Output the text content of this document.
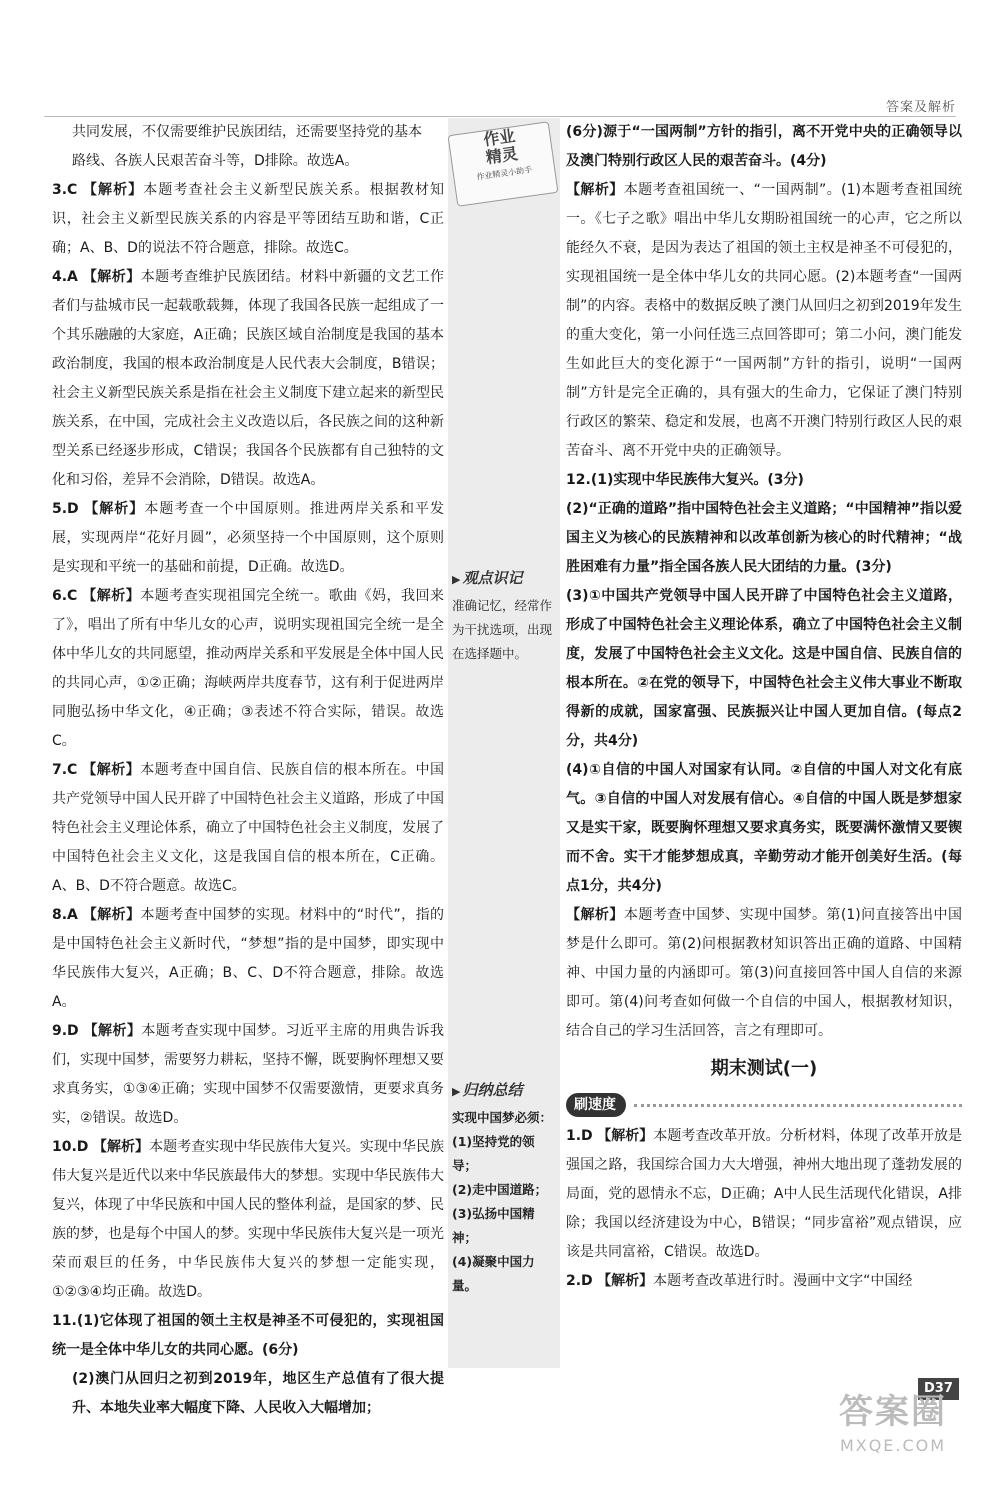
答案及解析
作业
精灵
作业精灵小助手
▶ 观点识记
准确记忆，经常作为干扰选项，出现在选择题中。
▶ 归纳总结
实现中国梦必须：
(1)坚持党的领导；
(2)走中国道路；
(3)弘扬中国精神；
(4)凝聚中国力量。

共同发展，不仅需要维护民族团结，还需要坚持党的基本

路线、各族人民艰苦奋斗等，D排除。故选A。

3.C 【解析】本题考查社会主义新型民族关系。根据教材知识，社会主义新型民族关系的内容是平等团结互助和谐，C正确；A、B、D的说法不符合题意，排除。故选C。

4.A 【解析】本题考查维护民族团结。材料中新疆的文艺工作者们与盐城市民一起载歌载舞，体现了我国各民族一起组成了一个其乐融融的大家庭，A正确；民族区域自治制度是我国的基本政治制度，我国的根本政治制度是人民代表大会制度，B错误；社会主义新型民族关系是指在社会主义制度下建立起来的新型民族关系，在中国，完成社会主义改造以后，各民族之间的这种新型关系已经逐步形成，C错误；我国各个民族都有自己独特的文化和习俗，差异不会消除，D错误。故选A。

5.D 【解析】本题考查一个中国原则。推进两岸关系和平发展，实现两岸“花好月圆”，必须坚持一个中国原则，这个原则是实现和平统一的基础和前提，D正确。故选D。

6.C 【解析】本题考查实现祖国完全统一。歌曲《妈，我回来了》，唱出了所有中华儿女的心声，说明实现祖国完全统一是全体中华儿女的共同愿望，推动两岸关系和平发展是全体中国人民的共同心声，①②正确；海峡两岸共度春节，这有利于促进两岸同胞弘扬中华文化，④正确；③表述不符合实际，错误。故选C。

7.C 【解析】本题考查中国自信、民族自信的根本所在。中国共产党领导中国人民开辟了中国特色社会主义道路，形成了中国特色社会主义理论体系，确立了中国特色社会主义制度，发展了中国特色社会主义文化，这是我国自信的根本所在，C正确。A、B、D不符合题意。故选C。

8.A 【解析】本题考查中国梦的实现。材料中的“时代”，指的是中国特色社会主义新时代，“梦想”指的是中国梦，即实现中华民族伟大复兴，A正确；B、C、D不符合题意，排除。故选A。

9.D 【解析】本题考查实现中国梦。习近平主席的用典告诉我们，实现中国梦，需要努力耕耘，坚持不懈，既要胸怀理想又要求真务实，①③④正确；实现中国梦不仅需要激情，更要求真务实，②错误。故选D。

10.D 【解析】本题考查实现中华民族伟大复兴。实现中华民族伟大复兴是近代以来中华民族最伟大的梦想。实现中华民族伟大复兴，体现了中华民族和中国人民的整体利益，是国家的梦、民族的梦，也是每个中国人的梦。实现中华民族伟大复兴是一项光荣而艰巨的任务，中华民族伟大复兴的梦想一定能实现，①②③④均正确。故选D。

11.(1)它体现了祖国的领土主权是神圣不可侵犯的，实现祖国统一是全体中华儿女的共同心愿。(6分)

(2)澳门从回归之初到2019年，地区生产总值有了很大提升、本地失业率大幅度下降、人民收入大幅增加；

(6分)源于“一国两制”方针的指引，离不开党中央的正确领导以及澳门特别行政区人民的艰苦奋斗。(4分)

【解析】本题考查祖国统一、“一国两制”。(1)本题考查祖国统一。《七子之歌》唱出中华儿女期盼祖国统一的心声，它之所以能经久不衰，是因为表达了祖国的领土主权是神圣不可侵犯的，实现祖国统一是全体中华儿女的共同心愿。(2)本题考查“一国两制”的内容。表格中的数据反映了澳门从回归之初到2019年发生的重大变化，第一小问任选三点回答即可；第二小问，澳门能发生如此巨大的变化源于“一国两制”方针的指引，说明“一国两制”方针是完全正确的，具有强大的生命力，它保证了澳门特别行政区的繁荣、稳定和发展，也离不开澳门特别行政区人民的艰苦奋斗、离不开党中央的正确领导。

12.(1)实现中华民族伟大复兴。(3分)

(2)“正确的道路”指中国特色社会主义道路；“中国精神”指以爱国主义为核心的民族精神和以改革创新为核心的时代精神；“战胜困难有力量”指全国各族人民大团结的力量。(3分)

(3)①中国共产党领导中国人民开辟了中国特色社会主义道路，形成了中国特色社会主义理论体系，确立了中国特色社会主义制度，发展了中国特色社会主义文化。这是中国自信、民族自信的根本所在。②在党的领导下，中国特色社会主义伟大事业不断取得新的成就，国家富强、民族振兴让中国人更加自信。(每点2分，共4分)

(4)①自信的中国人对国家有认同。②自信的中国人对文化有底气。③自信的中国人对发展有信心。④自信的中国人既是梦想家又是实干家，既要胸怀理想又要求真务实，既要满怀激情又要锲而不舍。实干才能梦想成真，辛勤劳动才能开创美好生活。(每点1分，共4分)

【解析】本题考查中国梦、实现中国梦。第(1)问直接答出中国梦是什么即可。第(2)问根据教材知识答出正确的道路、中国精神、中国力量的内涵即可。第(3)问直接回答中国人自信的来源即可。第(4)问考查如何做一个自信的中国人，根据教材知识，结合自己的学习生活回答，言之有理即可。

期末测试(一)
刷速度

1.D 【解析】本题考查改革开放。分析材料，体现了改革开放是强国之路，我国综合国力大大增强，神州大地出现了蓬勃发展的局面，党的恩情永不忘，D正确；A中人民生活现代化错误，A排除；我国以经济建设为中心，B错误；“同步富裕”观点错误，应该是共同富裕，C错误。故选D。

2.D 【解析】本题考查改革进行时。漫画中文字“中国经

D37
答案圈
MXQE.COM
